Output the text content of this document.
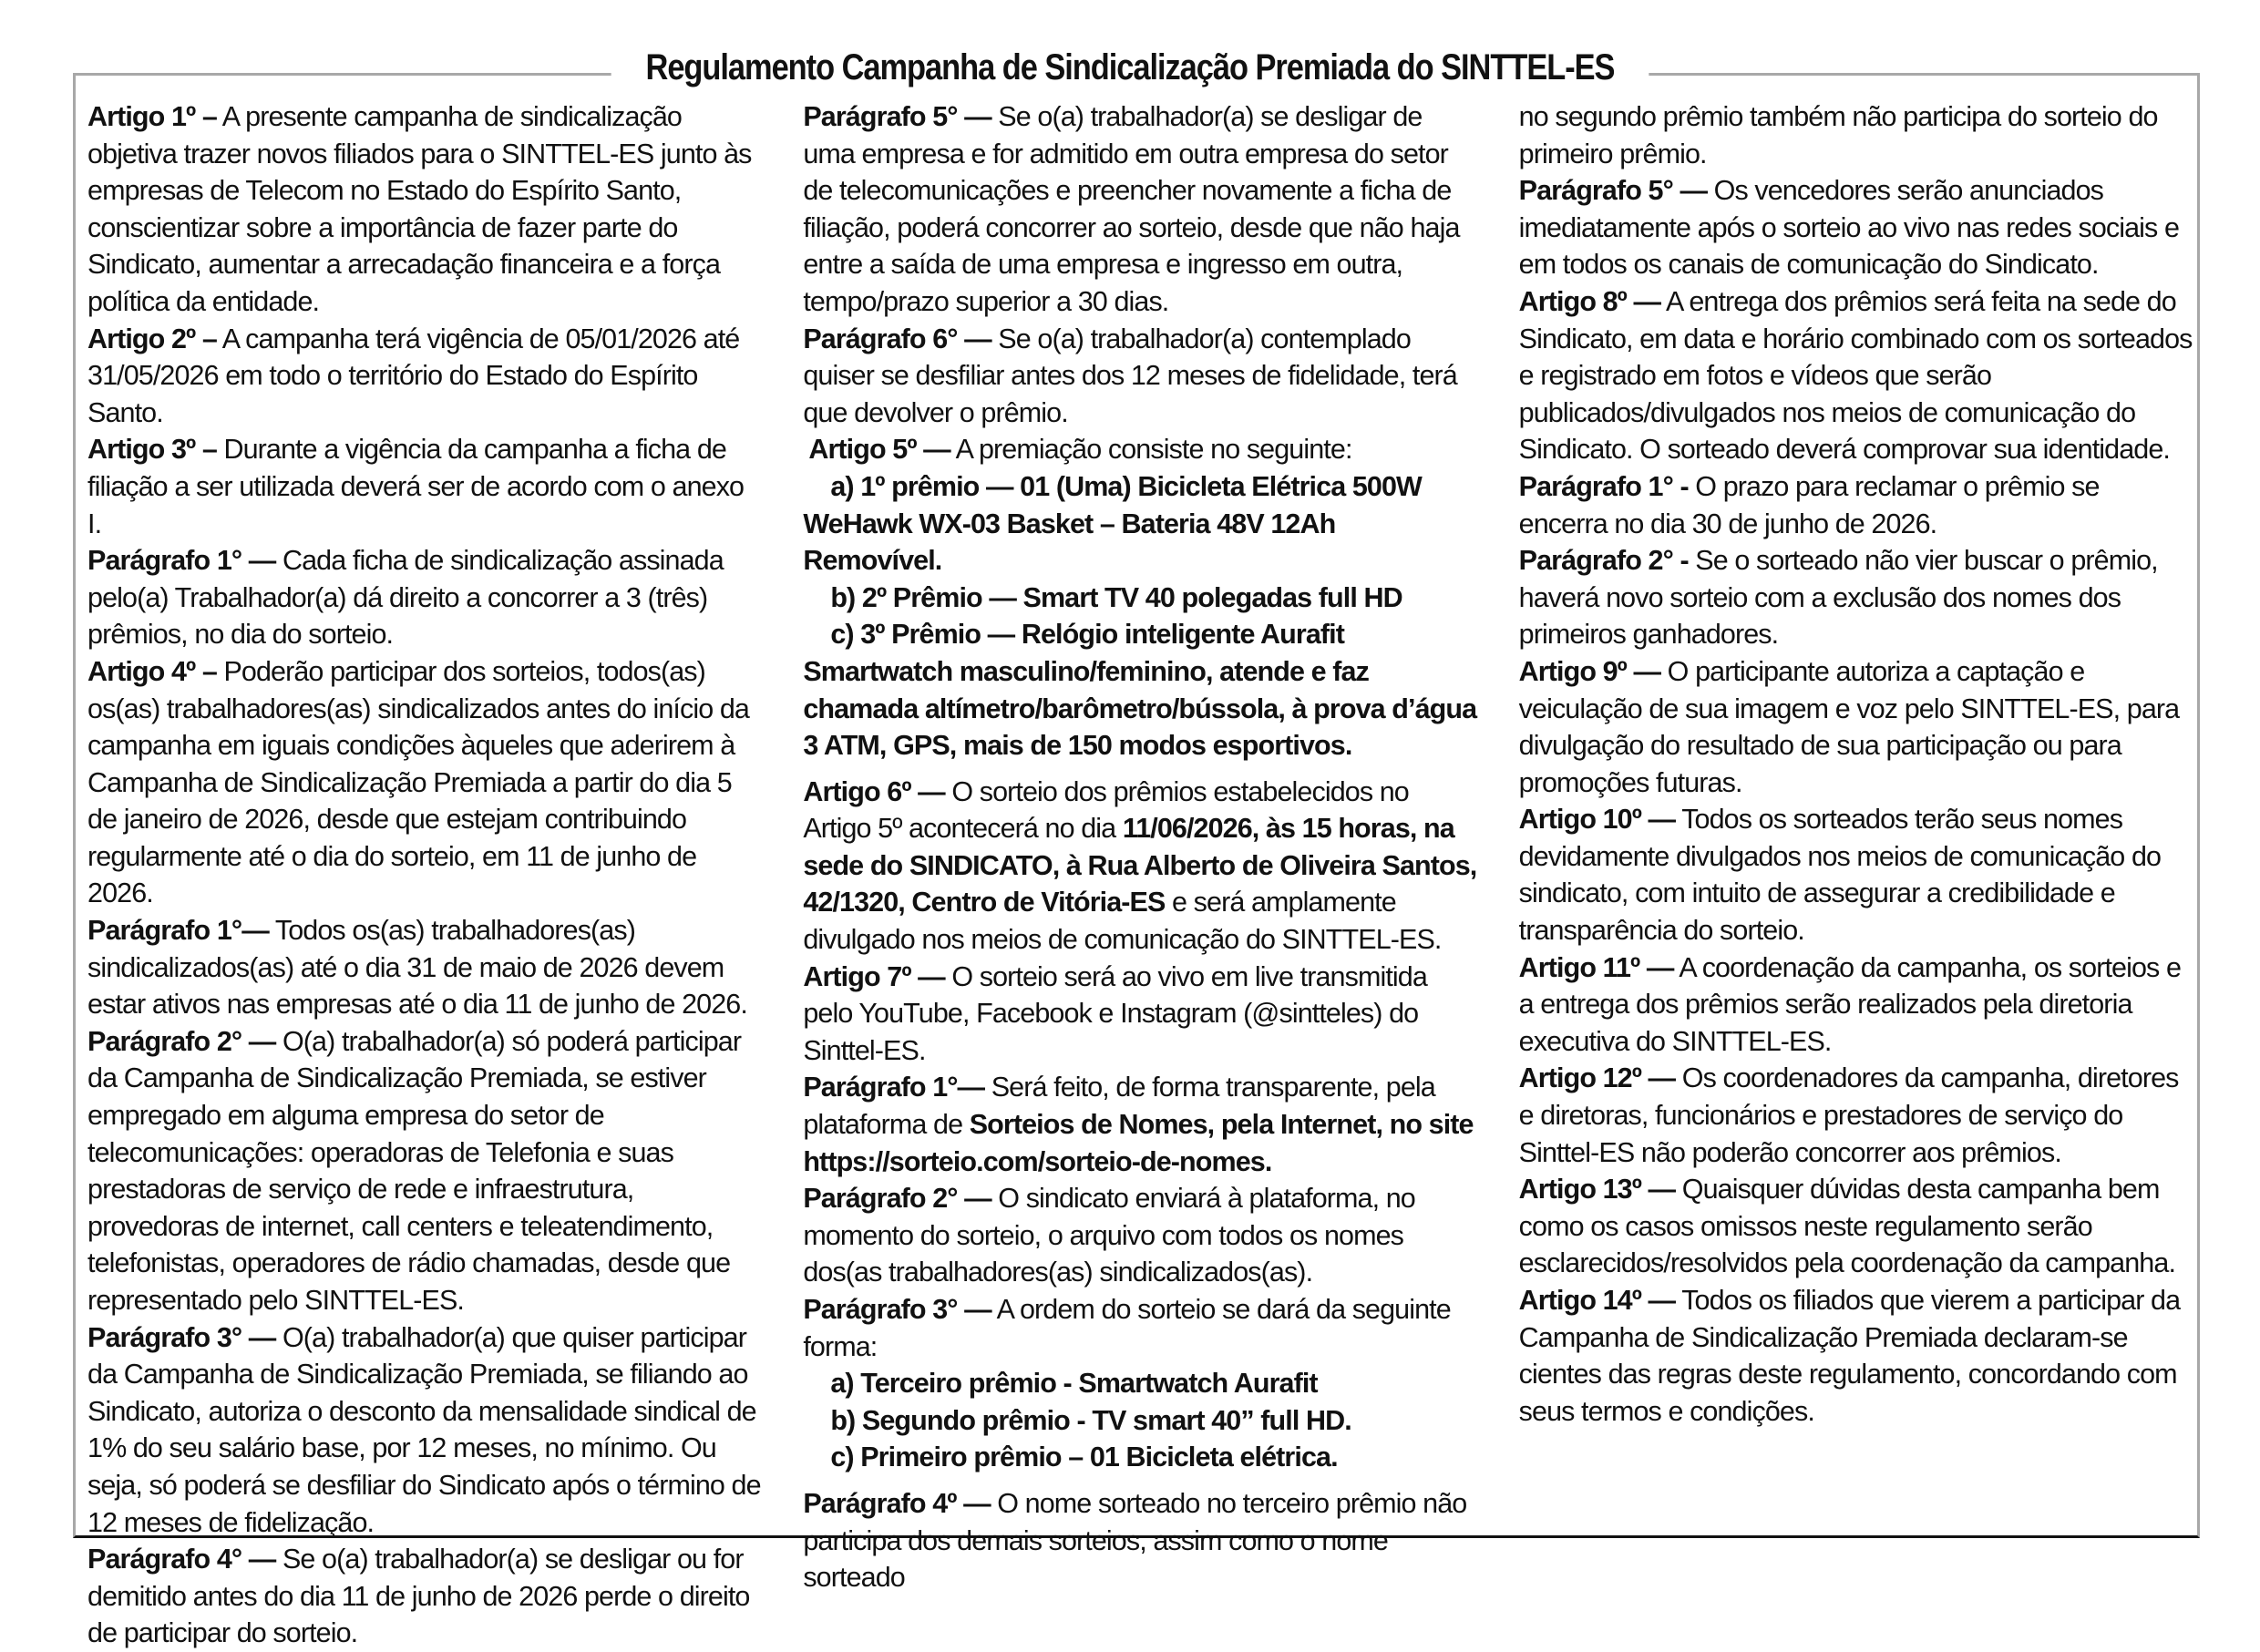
Regulamento Campanha de Sindicalização Premiada do SINTTEL-ES

Artigo 1º – A presente campanha de sindicalização objetiva trazer novos filiados para o SINTTEL-ES junto às empresas de Telecom no Estado do Espírito Santo, conscientizar sobre a importância de fazer parte do Sindicato, aumentar a arrecadação financeira e a força política da entidade.

Artigo 2º – A campanha terá vigência de 05/01/2026 até 31/05/2026 em todo o território do Estado do Espírito Santo.

Artigo 3º – Durante a vigência da campanha a ficha de filiação a ser utilizada deverá ser de acordo com o anexo I.

Parágrafo 1° — Cada ficha de sindicalização assinada pelo(a) Trabalhador(a) dá direito a concorrer a 3 (três) prêmios, no dia do sorteio.

Artigo 4º – Poderão participar dos sorteios, todos(as) os(as) trabalhadores(as) sindicalizados antes do início da campanha em iguais condições àqueles que aderirem à Campanha de Sindicalização Premiada a partir do dia 5 de janeiro de 2026, desde que estejam contribuindo regularmente até o dia do sorteio, em 11 de junho de 2026.

Parágrafo 1°— Todos os(as) trabalhadores(as) sindicalizados(as) até o dia 31 de maio de 2026 devem estar ativos nas empresas até o dia 11 de junho de 2026.

Parágrafo 2° — O(a) trabalhador(a) só poderá participar da Campanha de Sindicalização Premiada, se estiver empregado em alguma empresa do setor de telecomunicações: operadoras de Telefonia e suas prestadoras de serviço de rede e infraestrutura, provedoras de internet, call centers e teleatendimento, telefonistas, operadores de rádio chamadas, desde que representado pelo SINTTEL-ES.

Parágrafo 3° — O(a) trabalhador(a) que quiser participar da Campanha de Sindicalização Premiada, se filiando ao Sindicato, autoriza o desconto da mensalidade sindical de 1% do seu salário base, por 12 meses, no mínimo. Ou seja, só poderá se desfiliar do Sindicato após o término de 12 meses de fidelização.

Parágrafo 4° — Se o(a) trabalhador(a) se desligar ou for demitido antes do dia 11 de junho de 2026 perde o direito de participar do sorteio.

Parágrafo 5° — Se o(a) trabalhador(a) se desligar de uma empresa e for admitido em outra empresa do setor de telecomunicações e preencher novamente a ficha de filiação, poderá concorrer ao sorteio, desde que não haja entre a saída de uma empresa e ingresso em outra, tempo/prazo superior a 30 dias.

Parágrafo 6° — Se o(a) trabalhador(a) contemplado quiser se desfiliar antes dos 12 meses de fidelidade, terá que devolver o prêmio.

Artigo 5º — A premiação consiste no seguinte:

a) 1º prêmio — 01 (Uma) Bicicleta Elétrica 500W WeHawk WX-03 Basket – Bateria 48V 12Ah Removível.

b) 2º Prêmio — Smart TV 40 polegadas full HD

c) 3º Prêmio — Relógio inteligente Aurafit Smartwatch masculino/feminino, atende e faz chamada altímetro/barômetro/bússola, à prova d’água 3 ATM, GPS, mais de 150 modos esportivos.

Artigo 6º — O sorteio dos prêmios estabelecidos no Artigo 5º acontecerá no dia 11/06/2026, às 15 horas, na sede do SINDICATO, à Rua Alberto de Oliveira Santos, 42/1320, Centro de Vitória-ES e será amplamente divulgado nos meios de comunicação do SINTTEL-ES.

Artigo 7º — O sorteio será ao vivo em live transmitida pelo YouTube, Facebook e Instagram (@sintteles) do Sinttel-ES.

Parágrafo 1°— Será feito, de forma transparente, pela plataforma de Sorteios de Nomes, pela Internet, no site https://sorteio.com/sorteio-de-nomes.

Parágrafo 2° — O sindicato enviará à plataforma, no momento do sorteio, o arquivo com todos os nomes dos(as trabalhadores(as) sindicalizados(as).

Parágrafo 3° — A ordem do sorteio se dará da seguinte forma:

a) Terceiro prêmio - Smartwatch Aurafit

b) Segundo prêmio - TV smart 40” full HD.

c) Primeiro prêmio – 01 Bicicleta elétrica.

Parágrafo 4º — O nome sorteado no terceiro prêmio não participa dos demais sorteios, assim como o nome sorteado

no segundo prêmio também não participa do sorteio do primeiro prêmio.

Parágrafo 5° — Os vencedores serão anunciados imediatamente após o sorteio ao vivo nas redes sociais e em todos os canais de comunicação do Sindicato.

Artigo 8º — A entrega dos prêmios será feita na sede do Sindicato, em data e horário combinado com os sorteados e registrado em fotos e vídeos que serão publicados/divulgados nos meios de comunicação do Sindicato. O sorteado deverá comprovar sua identidade.

Parágrafo 1° - O prazo para reclamar o prêmio se encerra no dia 30 de junho de 2026.

Parágrafo 2° - Se o sorteado não vier buscar o prêmio, haverá novo sorteio com a exclusão dos nomes dos primeiros ganhadores.

Artigo 9º — O participante autoriza a captação e veiculação de sua imagem e voz pelo SINTTEL-ES, para divulgação do resultado de sua participação ou para promoções futuras.

Artigo 10º — Todos os sorteados terão seus nomes devidamente divulgados nos meios de comunicação do sindicato, com intuito de assegurar a credibilidade e transparência do sorteio.

Artigo 11º — A coordenação da campanha, os sorteios e a entrega dos prêmios serão realizados pela diretoria executiva do SINTTEL-ES.

Artigo 12º — Os coordenadores da campanha, diretores e diretoras, funcionários e prestadores de serviço do Sinttel-ES não poderão concorrer aos prêmios.

Artigo 13º — Quaisquer dúvidas desta campanha bem como os casos omissos neste regulamento serão esclarecidos/resolvidos pela coordenação da campanha.

Artigo 14º — Todos os filiados que vierem a participar da Campanha de Sindicalização Premiada declaram-se cientes das regras deste regulamento, concordando com seus termos e condições.
